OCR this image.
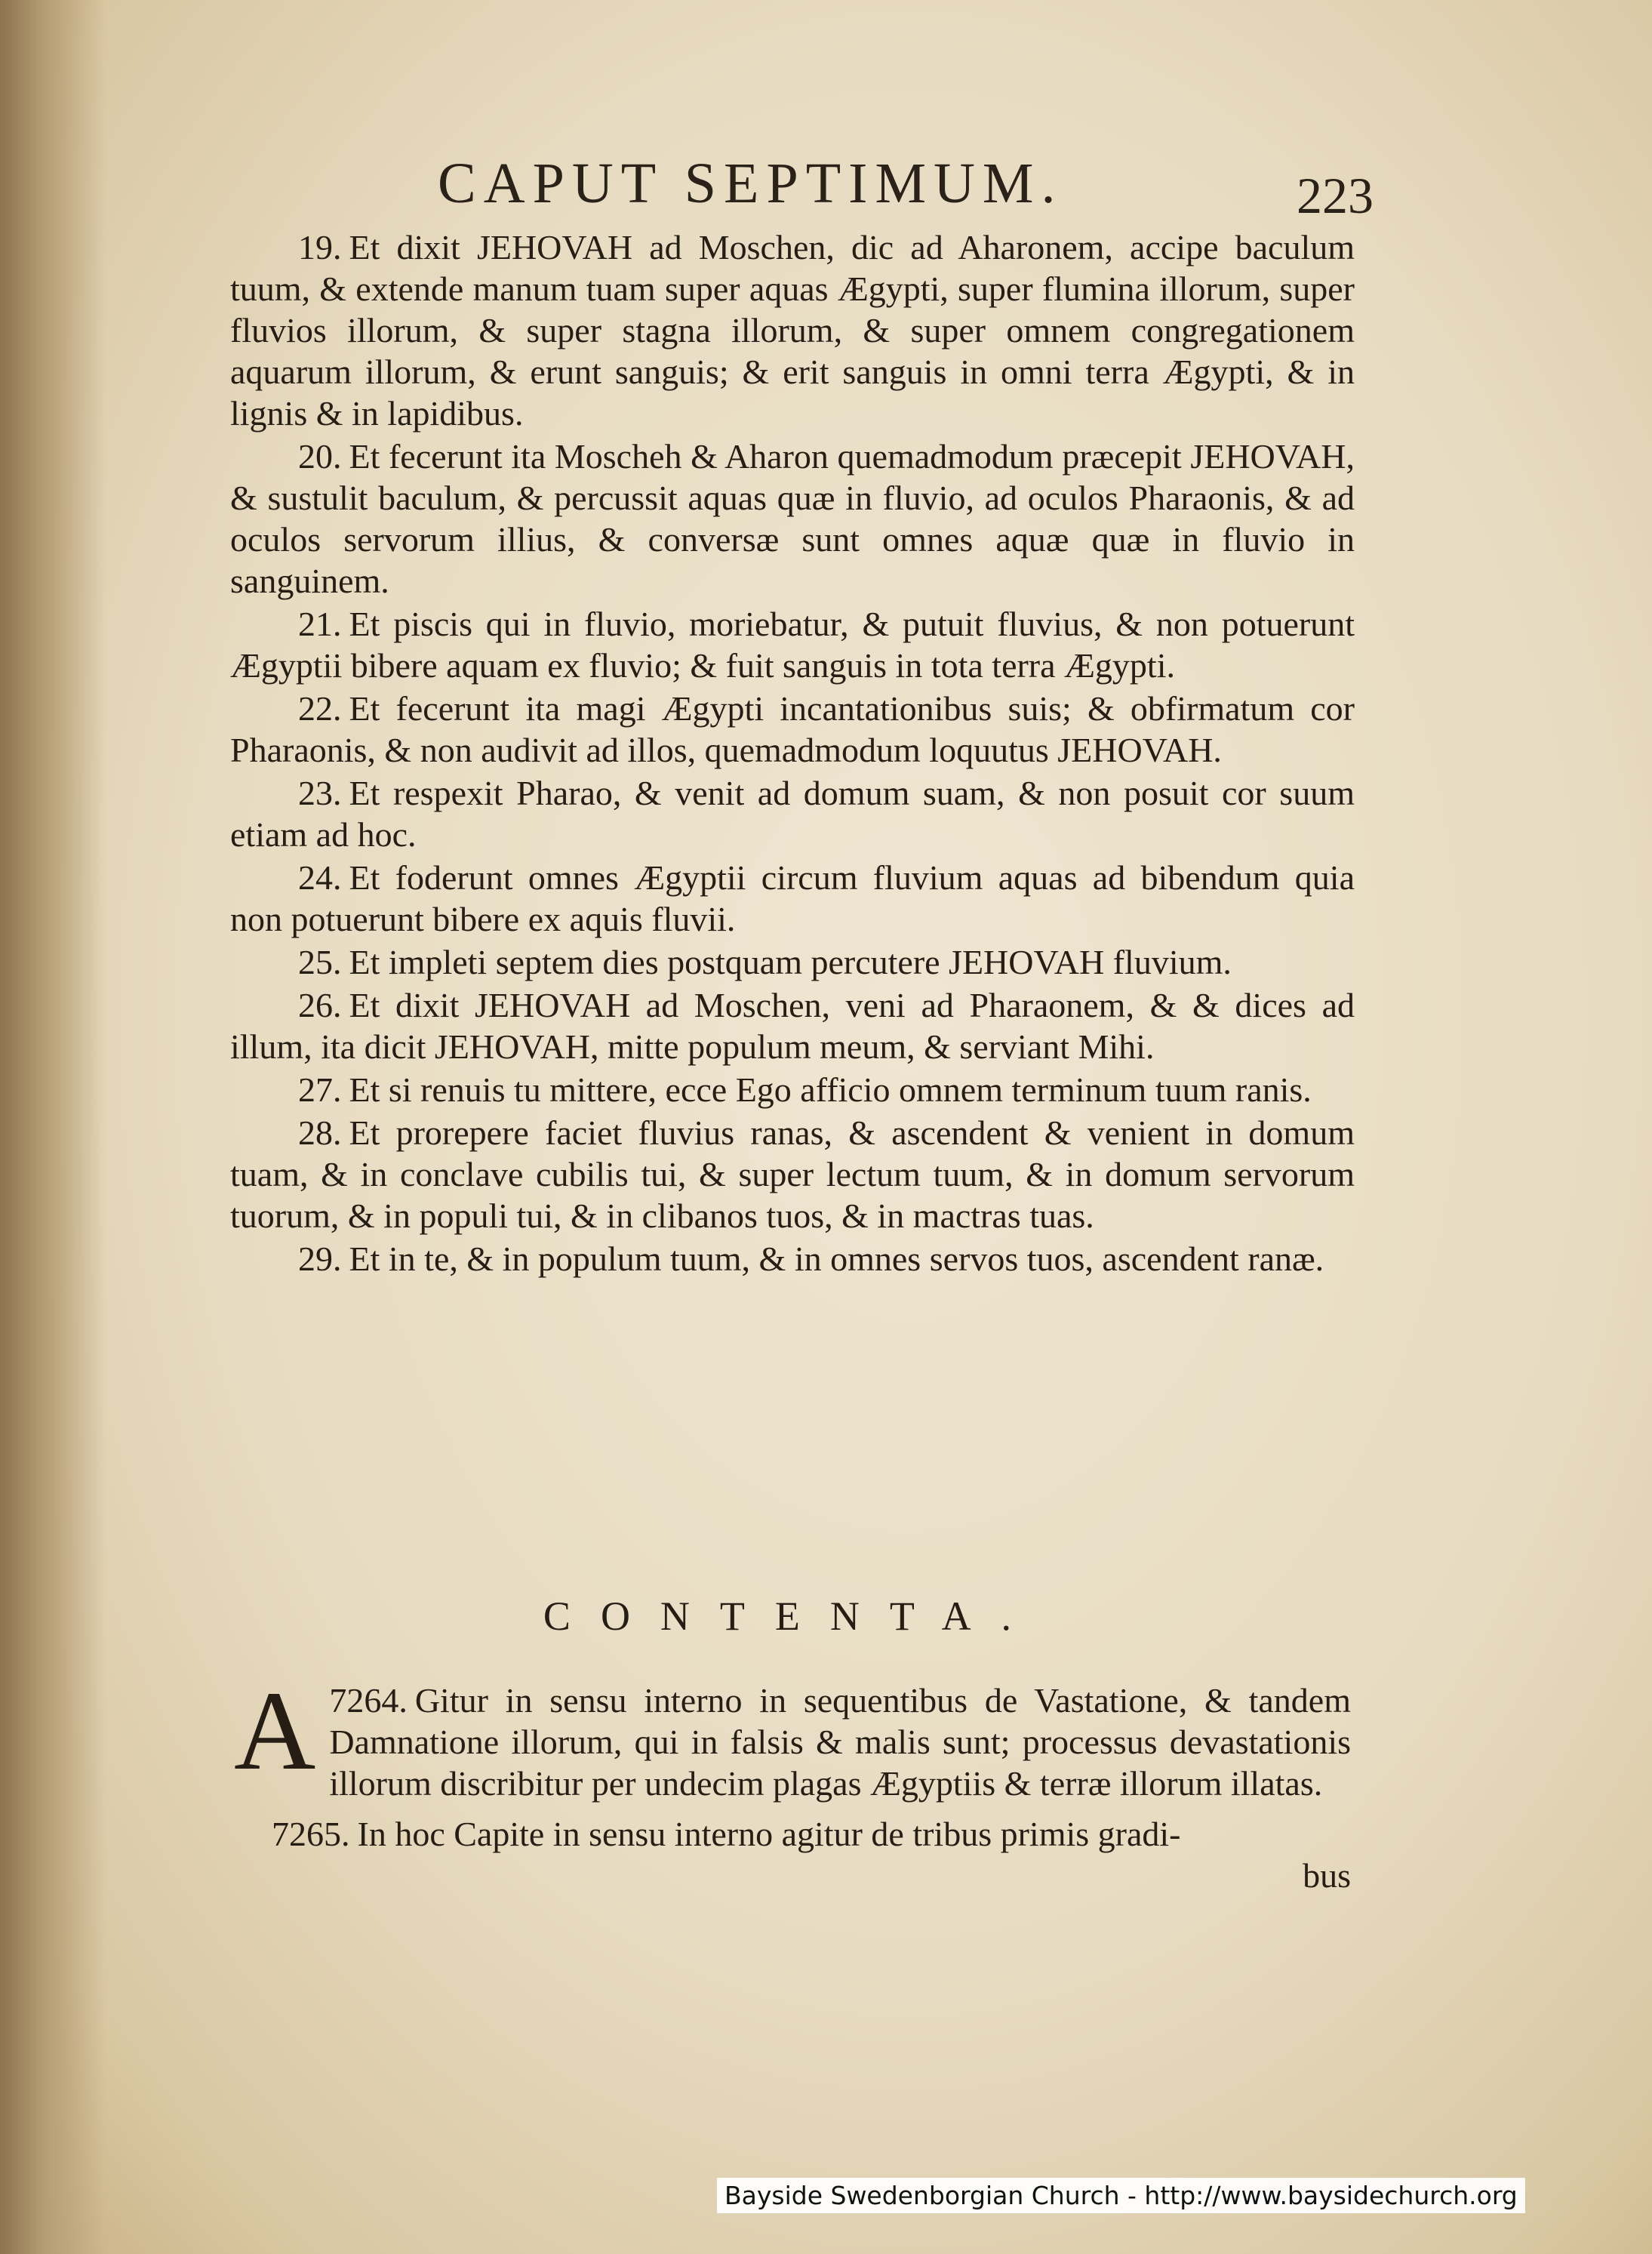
CAPUT SEPTIMUM.	223

19. Et dixit JEHOVAH ad Moschen, dic ad Aharonem, accipe baculum tuum, & extende manum tuam super aquas Ægypti, super flumina illorum, super fluvios illorum, & super stagna illorum, & super omnem congregationem aquarum illorum, & erunt sanguis; & erit sanguis in omni terra Ægypti, & in lignis & in lapidibus.

20. Et fecerunt ita Moscheh & Aharon quemadmodum præcepit JEHOVAH, & sustulit baculum, & percussit aquas quæ in fluvio, ad oculos Pharaonis, & ad oculos servorum illius, & conversæ sunt omnes aquæ quæ in fluvio in sanguinem.

21. Et piscis qui in fluvio, moriebatur, & putuit fluvius, & non potuerunt Ægyptii bibere aquam ex fluvio; & fuit sanguis in tota terra Ægypti.

22. Et fecerunt ita magi Ægypti incantationibus suis; & obfirmatum cor Pharaonis, & non audivit ad illos, quemadmodum loquutus JEHOVAH.

23. Et respexit Pharao, & venit ad domum suam, & non posuit cor suum etiam ad hoc.

24. Et foderunt omnes Ægyptii circum fluvium aquas ad bibendum quia non potuerunt bibere ex aquis fluvii.

25. Et impleti septem dies postquam percutere JEHOVAH fluvium.

26. Et dixit JEHOVAH ad Moschen, veni ad Pharaonem, & & dices ad illum, ita dicit JEHOVAH, mitte populum meum, & serviant Mihi.

27. Et si renuis tu mittere, ecce Ego afficio omnem terminum tuum ranis.

28. Et prorepere faciet fluvius ranas, & ascendent & venient in domum tuam, & in conclave cubilis tui, & super lectum tuum, & in domum servorum tuorum, & in populi tui, & in clibanos tuos, & in mactras tuas.

29. Et in te, & in populum tuum, & in omnes servos tuos, ascendent ranæ.

CONTENTA.
7264.
A	Gitur in sensu interno in sequentibus de Vastatione, & tandem Damnatione illorum, qui in falsis & malis sunt; processus devastationis illorum discribitur per undecim plagas Ægyptiis & terræ illorum illatas.
7265. In hoc Capite in sensu interno agitur de tribus primis gradi-
bus
Bayside Swedenborgian Church - http://www.baysidechurch.org
